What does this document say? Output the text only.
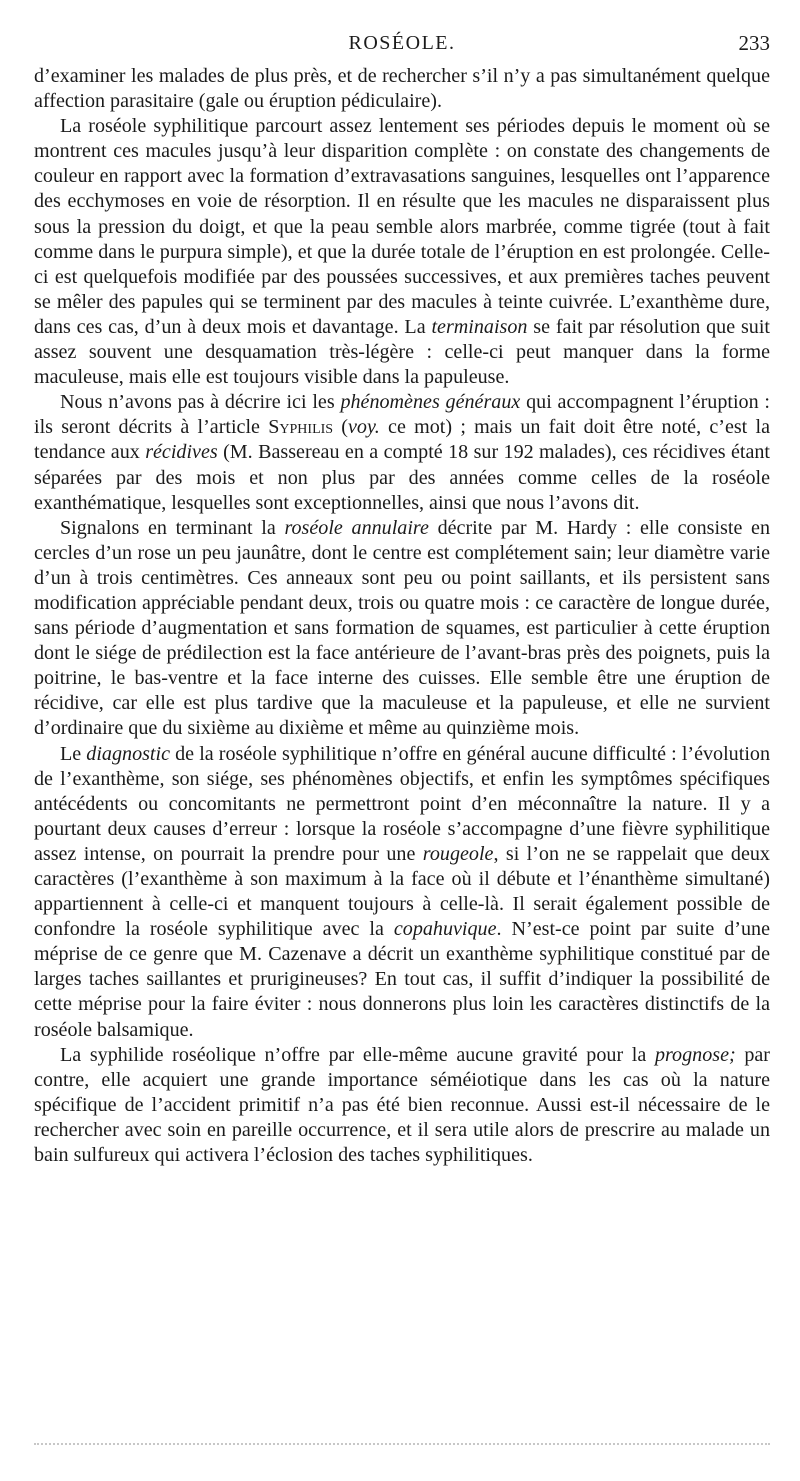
ROSÉOLE.	233

d’examiner les malades de plus près, et de rechercher s’il n’y a pas simultanément quelque affection parasitaire (gale ou éruption pédiculaire).

La roséole syphilitique parcourt assez lentement ses périodes depuis le moment où se montrent ces macules jusqu’à leur disparition complète : on constate des changements de couleur en rapport avec la formation d’extravasations sanguines, lesquelles ont l’apparence des ecchymoses en voie de résorption. Il en résulte que les macules ne disparaissent plus sous la pression du doigt, et que la peau semble alors marbrée, comme tigrée (tout à fait comme dans le purpura simple), et que la durée totale de l’éruption en est prolongée. Celle-ci est quelquefois modifiée par des poussées successives, et aux premières taches peuvent se mêler des papules qui se terminent par des macules à teinte cuivrée. L’exanthème dure, dans ces cas, d’un à deux mois et davantage. La terminaison se fait par résolution que suit assez souvent une desquamation très-légère : celle-ci peut manquer dans la forme maculeuse, mais elle est toujours visible dans la papuleuse.

Nous n’avons pas à décrire ici les phénomènes généraux qui accompagnent l’éruption : ils seront décrits à l’article Syphilis (voy. ce mot) ; mais un fait doit être noté, c’est la tendance aux récidives (M. Bassereau en a compté 18 sur 192 malades), ces récidives étant séparées par des mois et non plus par des années comme celles de la roséole exanthématique, lesquelles sont exceptionnelles, ainsi que nous l’avons dit.

Signalons en terminant la roséole annulaire décrite par M. Hardy : elle consiste en cercles d’un rose un peu jaunâtre, dont le centre est complétement sain; leur diamètre varie d’un à trois centimètres. Ces anneaux sont peu ou point saillants, et ils persistent sans modification appréciable pendant deux, trois ou quatre mois : ce caractère de longue durée, sans période d’augmentation et sans formation de squames, est particulier à cette éruption dont le siége de prédilection est la face antérieure de l’avant-bras près des poignets, puis la poitrine, le bas-ventre et la face interne des cuisses. Elle semble être une éruption de récidive, car elle est plus tardive que la maculeuse et la papuleuse, et elle ne survient d’ordinaire que du sixième au dixième et même au quinzième mois.

Le diagnostic de la roséole syphilitique n’offre en général aucune difficulté : l’évolution de l’exanthème, son siége, ses phénomènes objectifs, et enfin les symptômes spécifiques antécédents ou concomitants ne permettront point d’en méconnaître la nature. Il y a pourtant deux causes d’erreur : lorsque la roséole s’accompagne d’une fièvre syphilitique assez intense, on pourrait la prendre pour une rougeole, si l’on ne se rappelait que deux caractères (l’exanthème à son maximum à la face où il débute et l’énanthème simultané) appartiennent à celle-ci et manquent toujours à celle-là. Il serait également possible de confondre la roséole syphilitique avec la copahuvique. N’est-ce point par suite d’une méprise de ce genre que M. Cazenave a décrit un exanthème syphilitique constitué par de larges taches saillantes et prurigineuses? En tout cas, il suffit d’indiquer la possibilité de cette méprise pour la faire éviter : nous donnerons plus loin les caractères distinctifs de la roséole balsamique.

La syphilide roséolique n’offre par elle-même aucune gravité pour la prognose; par contre, elle acquiert une grande importance séméiotique dans les cas où la nature spécifique de l’accident primitif n’a pas été bien reconnue. Aussi est-il nécessaire de le rechercher avec soin en pareille occurrence, et il sera utile alors de prescrire au malade un bain sulfureux qui activera l’éclosion des taches syphilitiques.
